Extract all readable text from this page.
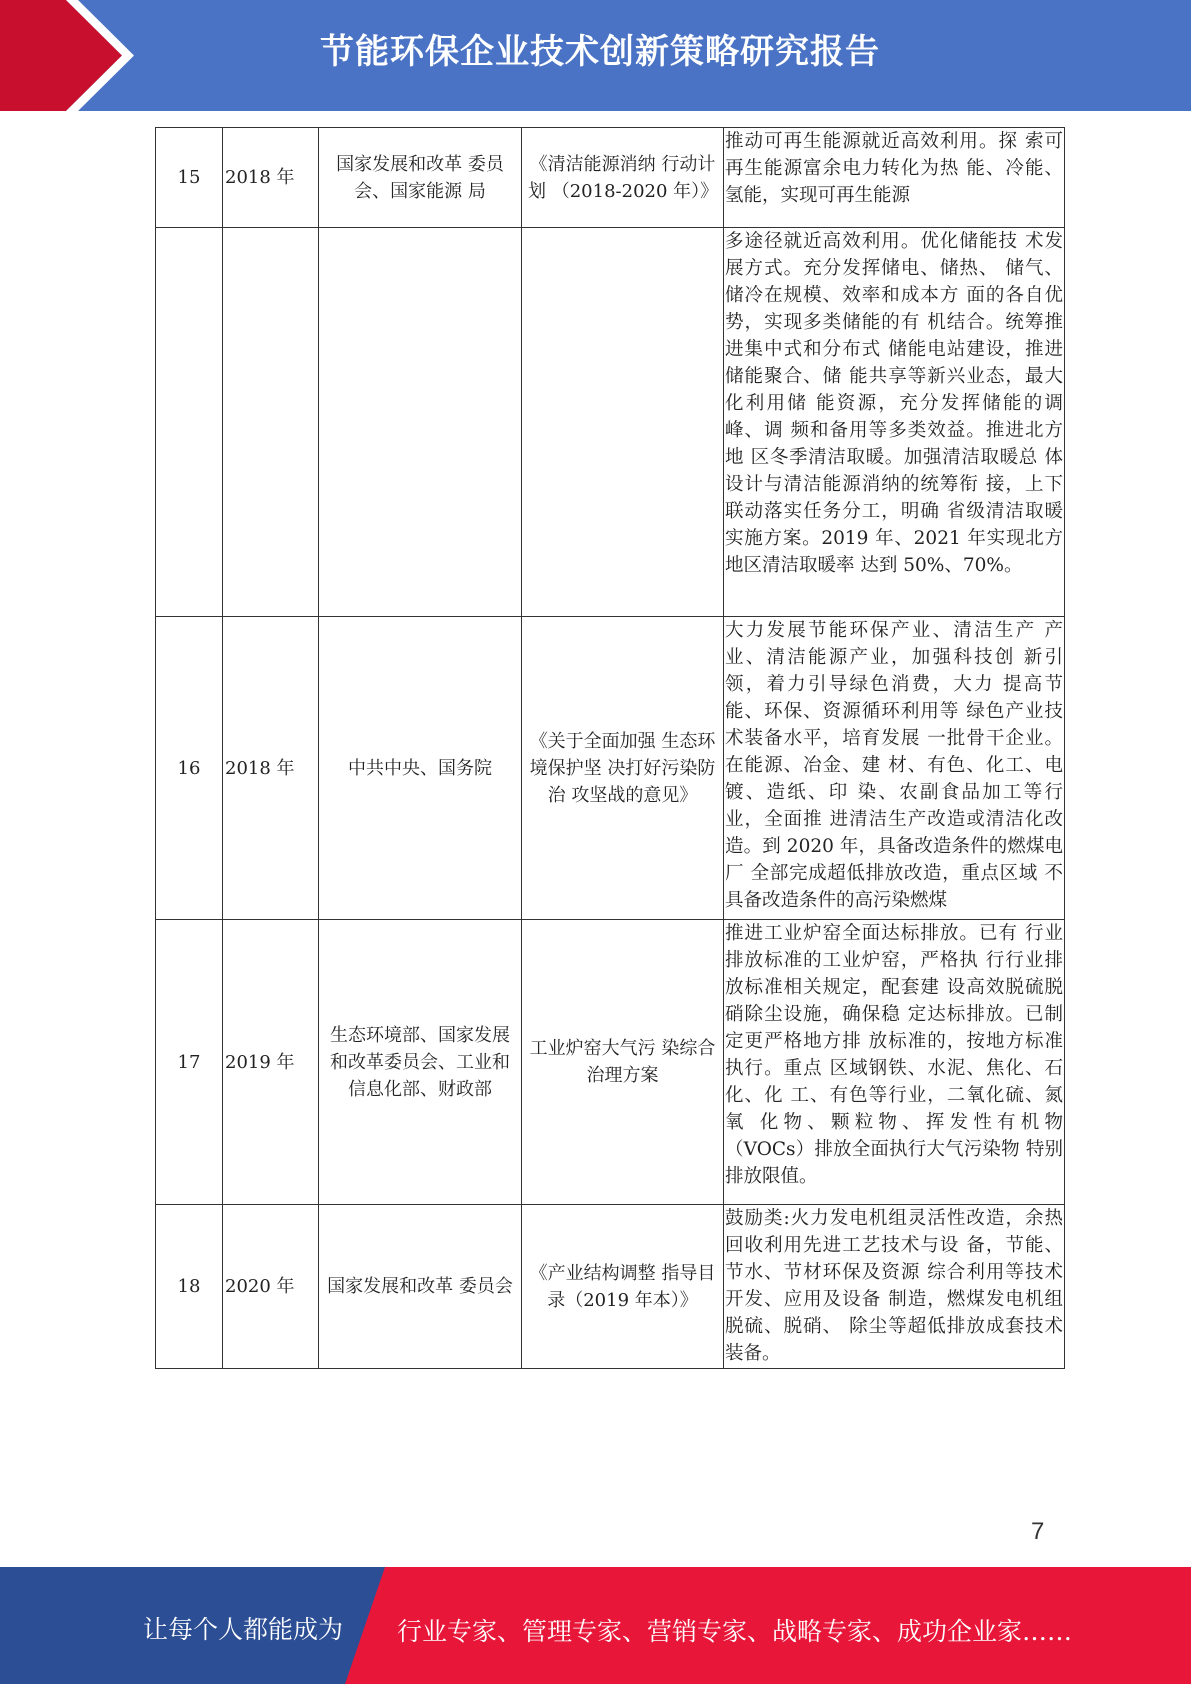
节能环保企业技术创新策略研究报告
15	2018 年	国家发展和改革 委员会、国家能源 局	《清洁能源消纳 行动计划 （2018-2020 年）》	推动可再生能源就近高效利用。探 索可再生能源富余电力转化为热 能、冷能、氢能，实现可再生能源
				多途径就近高效利用。优化储能技 术发展方式。充分发挥储电、储热、 储气、储冷在规模、效率和成本方 面的各自优势，实现多类储能的有 机结合。统筹推进集中式和分布式 储能电站建设，推进储能聚合、储 能共享等新兴业态，最大化利用储 能资源，充分发挥储能的调峰、调 频和备用等多类效益。推进北方地 区冬季清洁取暖。加强清洁取暖总 体设计与清洁能源消纳的统筹衔 接，上下联动落实任务分工，明确 省级清洁取暖实施方案。2019 年、2021 年实现北方地区清洁取暖率 达到 50%、70%。
16	2018 年	中共中央、国务院	《关于全面加强 生态环境保护坚 决打好污染防治 攻坚战的意见》	大力发展节能环保产业、清洁生产 产业、清洁能源产业，加强科技创 新引领，着力引导绿色消费，大力 提高节能、环保、资源循环利用等 绿色产业技术装备水平，培育发展 一批骨干企业。在能源、冶金、建 材、有色、化工、电镀、造纸、印 染、农副食品加工等行业，全面推 进清洁生产改造或清洁化改造。到 2020 年，具备改造条件的燃煤电厂 全部完成超低排放改造，重点区域 不具备改造条件的高污染燃煤
17	2019 年	生态环境部、国家发展和改革委员会、工业和信息化部、财政部	工业炉窑大气污 染综合治理方案	推进工业炉窑全面达标排放。已有 行业排放标准的工业炉窑，严格执 行行业排放标准相关规定，配套建 设高效脱硫脱硝除尘设施，确保稳 定达标排放。已制定更严格地方排 放标准的，按地方标准执行。重点 区域钢铁、水泥、焦化、石化、化 工、有色等行业，二氧化硫、氮氧 化物、颗粒物、挥发性有机物 （VOCs）排放全面执行大气污染物 特别排放限值。
18	2020 年	国家发展和改革 委员会	《产业结构调整 指导目录（2019 年本）》	鼓励类:火力发电机组灵活性改造，余热回收利用先进工艺技术与设 备，节能、节水、节材环保及资源 综合利用等技术开发、应用及设备 制造，燃煤发电机组脱硫、脱硝、 除尘等超低排放成套技术装备。
7
让每个人都能成为 行业专家、管理专家、营销专家、战略专家、成功企业家……
